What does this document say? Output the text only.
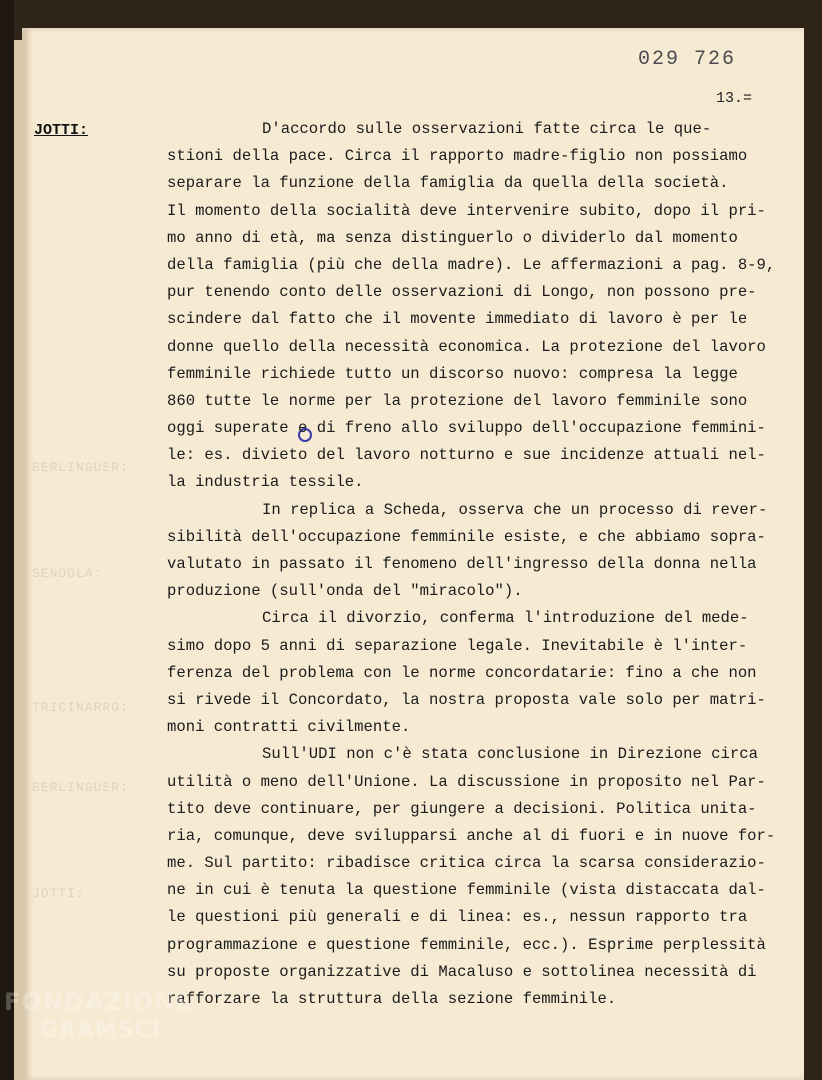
BERLINGUER:
SENDOLA:
TRICINARRO:
BERLINGUER:
JOTTI:
029 726
13.=
JOTTI:	D'accordo sulle osservazioni fatte circa le que-
stioni della pace. Circa il rapporto madre-figlio non possiamo
separare la funzione della famiglia da quella della società.
Il momento della socialità deve intervenire subito, dopo il pri-
mo anno di età, ma senza distinguerlo o dividerlo dal momento
della famiglia (più che della madre). Le affermazioni a pag. 8-9,
pur tenendo conto delle osservazioni di Longo, non possono pre-
scindere dal fatto che il movente immediato di lavoro è per le
donne quello della necessità economica. La protezione del lavoro
femminile richiede tutto un discorso nuovo: compresa la legge
860 tutte le norme per la protezione del lavoro femminile sono
oggi superate e di freno allo sviluppo dell'occupazione femmini-
le: es. divieto del lavoro notturno e sue incidenze attuali nel-
la industria tessile.
In replica a Scheda, osserva che un processo di rever-
sibilità dell'occupazione femminile esiste, e che abbiamo sopra-
valutato in passato il fenomeno dell'ingresso della donna nella
produzione (sull'onda del "miracolo").
Circa il divorzio, conferma l'introduzione del mede-
simo dopo 5 anni di separazione legale. Inevitabile è l'inter-
ferenza del problema con le norme concordatarie: fino a che non
si rivede il Concordato, la nostra proposta vale solo per matri-
moni contratti civilmente.
Sull'UDI non c'è stata conclusione in Direzione circa
utilità o meno dell'Unione. La discussione in proposito nel Par-
tito deve continuare, per giungere a decisioni. Politica unita-
ria, comunque, deve svilupparsi anche al di fuori e in nuove for-
me. Sul partito: ribadisce critica circa la scarsa considerazio-
ne in cui è tenuta la questione femminile (vista distaccata dal-
le questioni più generali e di linea: es., nessun rapporto tra
programmazione e questione femminile, ecc.). Esprime perplessità
su proposte organizzative di Macaluso e sottolinea necessità di
rafforzare la struttura della sezione femminile.
FONDAZIONE
GRAMSCI
